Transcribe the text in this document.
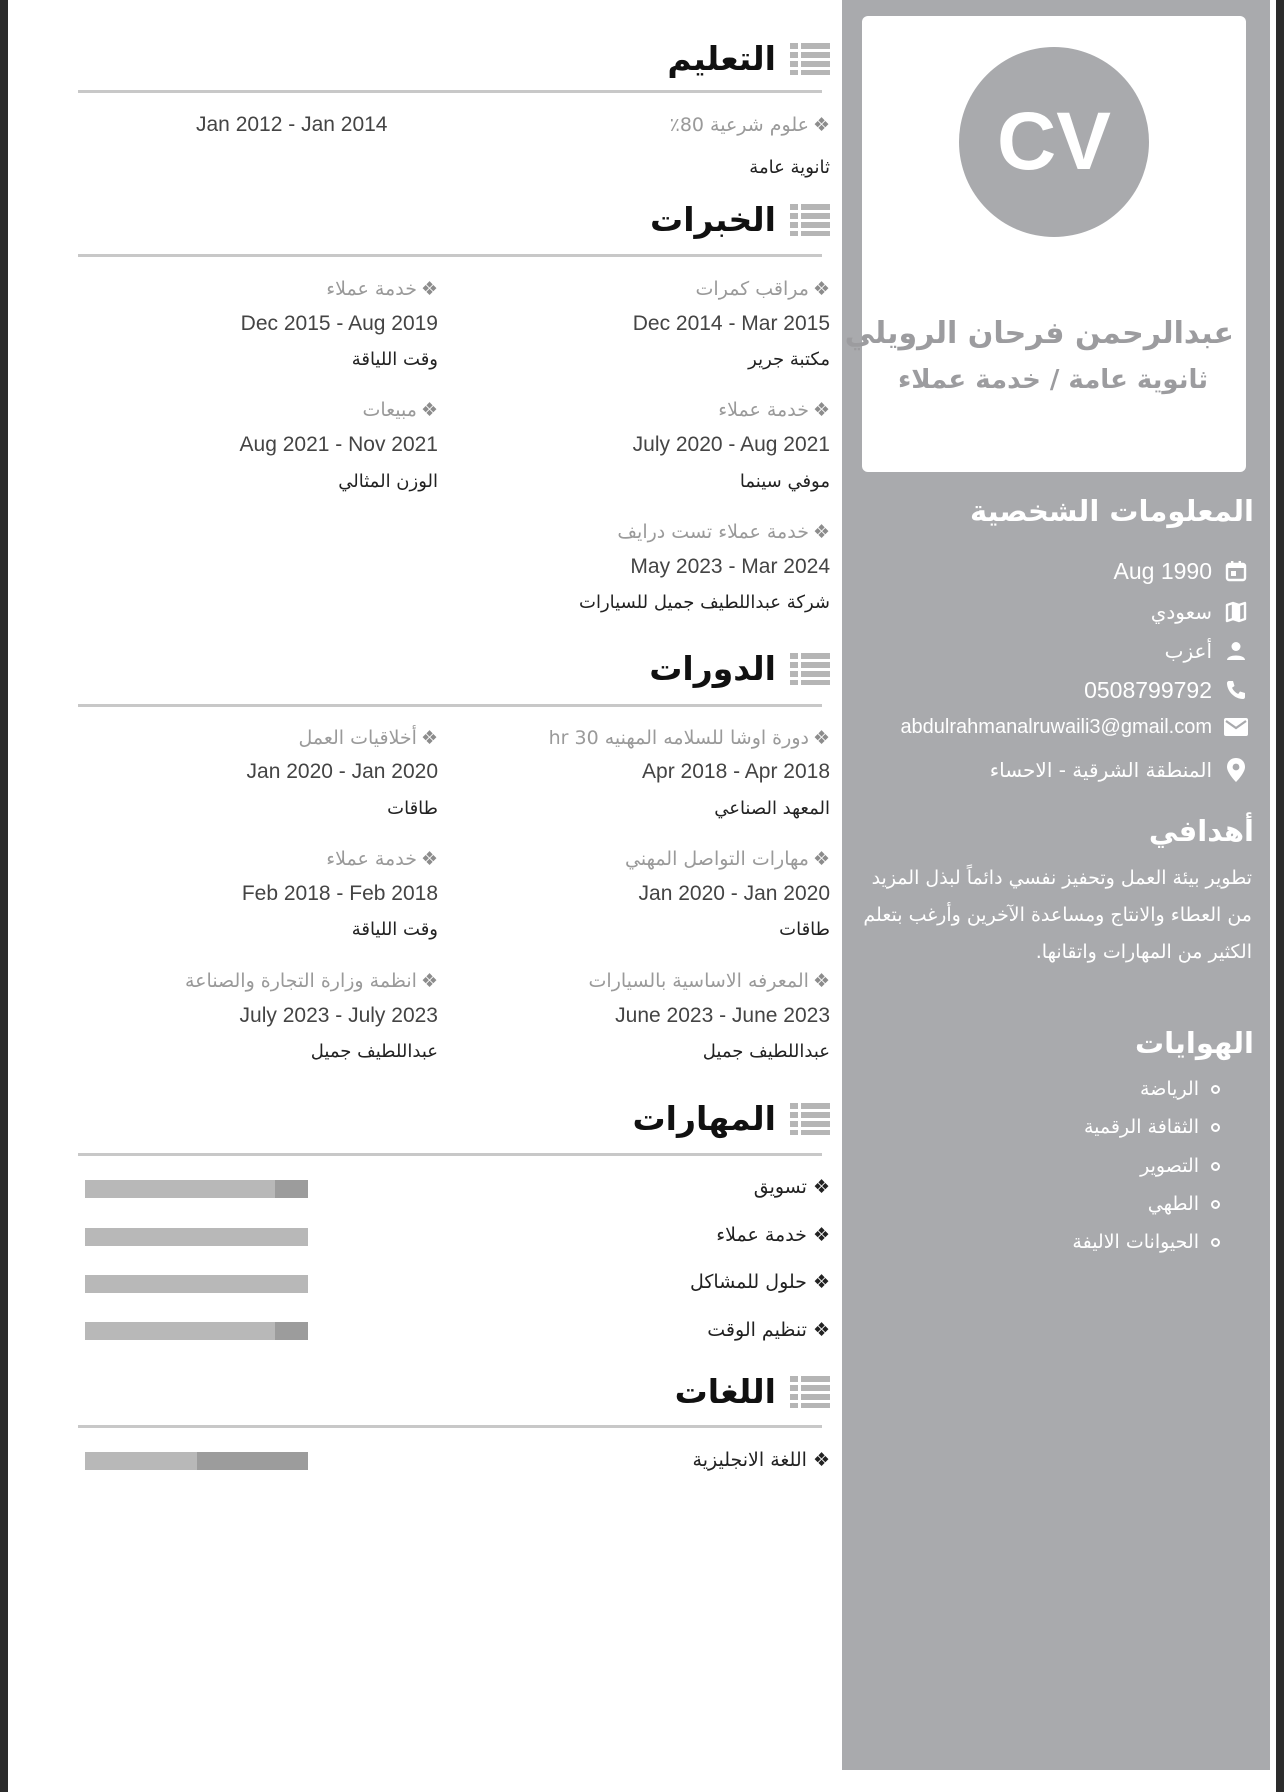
CV
عبدالرحمن فرحان الرويلي
ثانوية عامة / خدمة عملاء
المعلومات الشخصية
Aug 1990
سعودي
أعزب
0508799792
abdulrahmanalruwaili3@gmail.com
المنطقة الشرقية - الاحساء
أهدافي
تطوير بيئة العمل وتحفيز نفسي دائماً لبذل المزيد من العطاء والانتاج ومساعدة الآخرين وأرغب بتعلم الكثير من المهارات واتقانها.
الهوايات
الرياضة
الثقافة الرقمية
التصوير
الطهي
الحيوانات الاليفة
التعليم
❖علوم شرعية 80٪
Jan 2012 - Jan 2014
ثانوية عامة
الخبرات
❖مراقب كمرات
Dec 2014 - Mar 2015
مكتبة جرير
❖خدمة عملاء
Dec 2015 - Aug 2019
وقت اللياقة
❖خدمة عملاء
July 2020 - Aug 2021
موفي سينما
❖مبيعات
Aug 2021 - Nov 2021
الوزن المثالي
❖خدمة عملاء تست درايف
May 2023 - Mar 2024
شركة عبداللطيف جميل للسيارات
الدورات
❖دورة اوشا للسلامه المهنيه 30 hr
Apr 2018 - Apr 2018
المعهد الصناعي
❖أخلاقيات العمل
Jan 2020 - Jan 2020
طاقات
❖مهارات التواصل المهني
Jan 2020 - Jan 2020
طاقات
❖خدمة عملاء
Feb 2018 - Feb 2018
وقت اللياقة
❖المعرفه الاساسية بالسيارات
June 2023 - June 2023
عبداللطيف جميل
❖انظمة وزارة التجارة والصناعة
July 2023 - July 2023
عبداللطيف جميل
المهارات
❖ تسويق
❖ خدمة عملاء
❖ حلول للمشاكل
❖ تنظيم الوقت
اللغات
❖ اللغة الانجليزية
